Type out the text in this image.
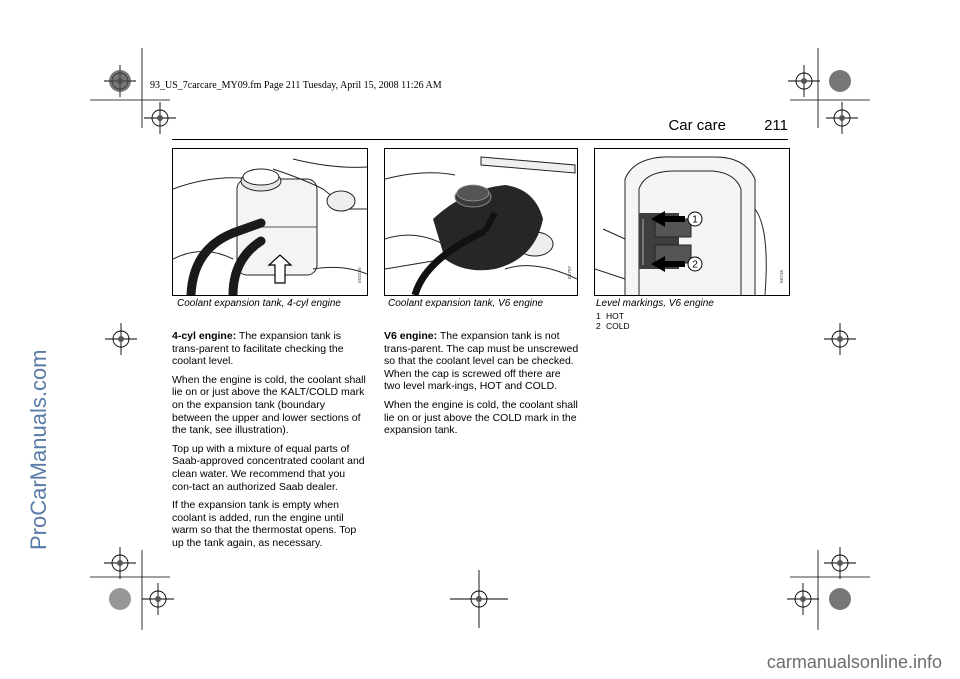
93_US_7carcare_MY09.fm Page 211 Tuesday, April 15, 2008 11:26 AM
Car care	211
E02230	E8707
1
2
E8746
Coolant expansion tank, 4-cyl engine	Coolant expansion tank, V6 engine	Level markings, V6 engine
1 HOT
2 COLD

4-cyl engine: The expansion tank is trans-parent to facilitate checking the coolant level.

When the engine is cold, the coolant shall lie on or just above the KALT/COLD mark on the expansion tank (boundary between the upper and lower sections of the tank, see illustration).

Top up with a mixture of equal parts of Saab-approved concentrated coolant and clean water. We recommend that you con-tact an authorized Saab dealer.

If the expansion tank is empty when coolant is added, run the engine until warm so that the thermostat opens. Top up the tank again, as necessary.

V6 engine: The expansion tank is not trans-parent. The cap must be unscrewed so that the coolant level can be checked. When the cap is screwed off there are two level mark-ings, HOT and COLD.

When the engine is cold, the coolant shall lie on or just above the COLD mark in the expansion tank.

ProCarManuals.com
carmanualsonline.info
